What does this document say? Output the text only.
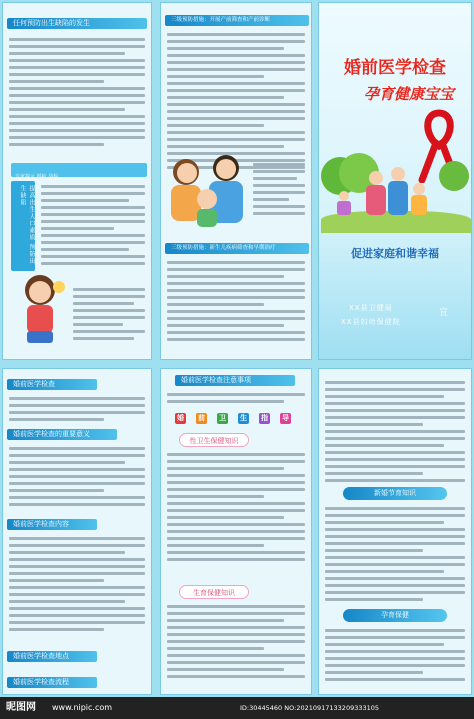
任何预防出生缺陷的发生
专家提示 婚检 孕检
提高出生人口素质 预防出生缺陷
三级预防措施：开展产前筛查和产前诊断
三级预防措施：新生儿疾病筛查和早期治疗
婚前医学检查
孕育健康宝宝
促进家庭和谐幸福
XX县卫健局
XX县妇幼保健院
宣
婚前医学检查
婚前医学检查的重要意义
婚前医学检查内容
婚前医学检查地点
婚前医学检查流程
婚前医学检查注意事项
婚 前 卫 生 指 导
性卫生保健知识
生育保健知识
新婚节育知识
孕育保健
昵图网 www.nipic.com	ID:30445460 NO:20210917133209333105
